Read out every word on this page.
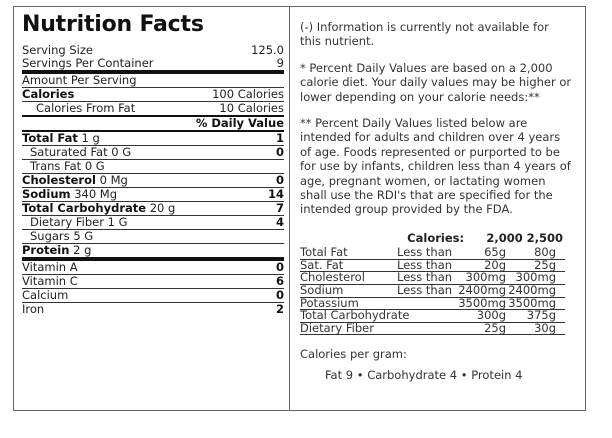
Nutrition Facts
Serving Size	125.0
Servings Per Container	9
Amount Per Serving
Calories	100 Calories
Calories From Fat	10 Calories
% Daily Value
Total Fat 1 g	1
Saturated Fat 0 G	0
Trans Fat 0 G
Cholesterol 0 Mg	0
Sodium 340 Mg	14
Total Carbohydrate 20 g	7
Dietary Fiber 1 G	4
Sugars 5 G
Protein 2 g
Vitamin A	0
Vitamin C	6
Calcium	0
Iron	2

(-) Information is currently not available for this nutrient.

* Percent Daily Values are based on a 2,000 calorie diet. Your daily values may be higher or lower depending on your calorie needs:**

** Percent Daily Values listed below are intended for adults and children over 4 years of age. Foods represented or purported to be for use by infants, children less than 4 years of age, pregnant women, or lactating women shall use the RDI's that are specified for the intended group provided by the FDA.

Calories:	2,000 2,500
Total Fat	Less than	65g	80g
Sat. Fat	Less than	20g	25g
Cholesterol	Less than	300mg 300mg
Sodium	Less than 2400mg 2400mg
Potassium	3500mg 3500mg
Total Carbohydrate	300g	375g
Dietary Fiber	25g	30g
Calories per gram:
Fat 9 • Carbohydrate 4 • Protein 4
